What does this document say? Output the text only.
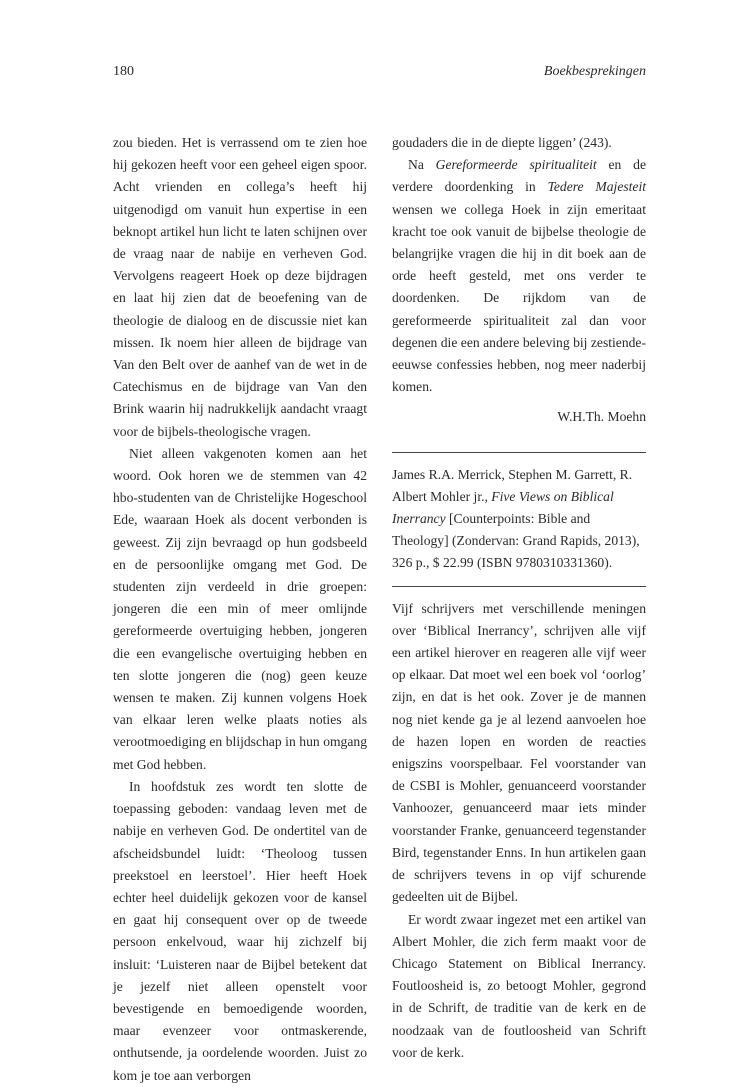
180	Boekbesprekingen

zou bieden. Het is verrassend om te zien hoe hij gekozen heeft voor een geheel eigen spoor. Acht vrienden en collega’s heeft hij uitgenodigd om vanuit hun expertise in een beknopt artikel hun licht te laten schijnen over de vraag naar de nabije en verheven God. Vervolgens reageert Hoek op deze bijdragen en laat hij zien dat de beoefening van de theologie de dialoog en de discussie niet kan missen. Ik noem hier alleen de bijdrage van Van den Belt over de aanhef van de wet in de Catechismus en de bijdrage van Van den Brink waarin hij nadrukkelijk aandacht vraagt voor de bijbels-theologische vragen.

Niet alleen vakgenoten komen aan het woord. Ook horen we de stemmen van 42 hbo-studenten van de Christelijke Hogeschool Ede, waaraan Hoek als docent verbonden is geweest. Zij zijn bevraagd op hun godsbeeld en de persoonlijke omgang met God. De studenten zijn verdeeld in drie groepen: jongeren die een min of meer omlijnde gereformeerde overtuiging hebben, jongeren die een evangelische overtuiging hebben en ten slotte jongeren die (nog) geen keuze wensen te maken. Zij kunnen volgens Hoek van elkaar leren welke plaats noties als verootmoediging en blijdschap in hun omgang met God hebben.

In hoofdstuk zes wordt ten slotte de toepassing geboden: vandaag leven met de nabije en verheven God. De ondertitel van de afscheidsbundel luidt: ‘Theoloog tussen preekstoel en leerstoel’. Hier heeft Hoek echter heel duidelijk gekozen voor de kansel en gaat hij consequent over op de tweede persoon enkelvoud, waar hij zichzelf bij insluit: ‘Luisteren naar de Bijbel betekent dat je jezelf niet alleen openstelt voor bevestigende en bemoedigende woorden, maar evenzeer voor ontmaskerende, onthutsende, ja oordelende woorden. Juist zo kom je toe aan verborgen

goudaders die in de diepte liggen’ (243).

Na Gereformeerde spiritualiteit en de verdere doordenking in Tedere Majesteit wensen we collega Hoek in zijn emeritaat kracht toe ook vanuit de bijbelse theologie de belangrijke vragen die hij in dit boek aan de orde heeft gesteld, met ons verder te doordenken. De rijkdom van de gereformeerde spiritualiteit zal dan voor degenen die een andere beleving bij zestiende-eeuwse confessies hebben, nog meer naderbij komen.

W.H.Th. Moehn

James R.A. Merrick, Stephen M. Garrett, R. Albert Mohler jr., Five Views on Biblical Inerrancy [Counterpoints: Bible and Theology] (Zondervan: Grand Rapids, 2013), 326 p., $ 22.99 (ISBN 9780310331360).

Vijf schrijvers met verschillende meningen over ‘Biblical Inerrancy’, schrijven alle vijf een artikel hierover en reageren alle vijf weer op elkaar. Dat moet wel een boek vol ‘oorlog’ zijn, en dat is het ook. Zover je de mannen nog niet kende ga je al lezend aanvoelen hoe de hazen lopen en worden de reacties enigszins voorspelbaar. Fel voorstander van de CSBI is Mohler, genuanceerd voorstander Vanhoozer, genuanceerd maar iets minder voorstander Franke, genuanceerd tegenstander Bird, tegenstander Enns. In hun artikelen gaan de schrijvers tevens in op vijf schurende gedeelten uit de Bijbel.

Er wordt zwaar ingezet met een artikel van Albert Mohler, die zich ferm maakt voor de Chicago Statement on Biblical Inerrancy. Foutloosheid is, zo betoogt Mohler, gegrond in de Schrift, de traditie van de kerk en de noodzaak van de foutloosheid van Schrift voor de kerk.
